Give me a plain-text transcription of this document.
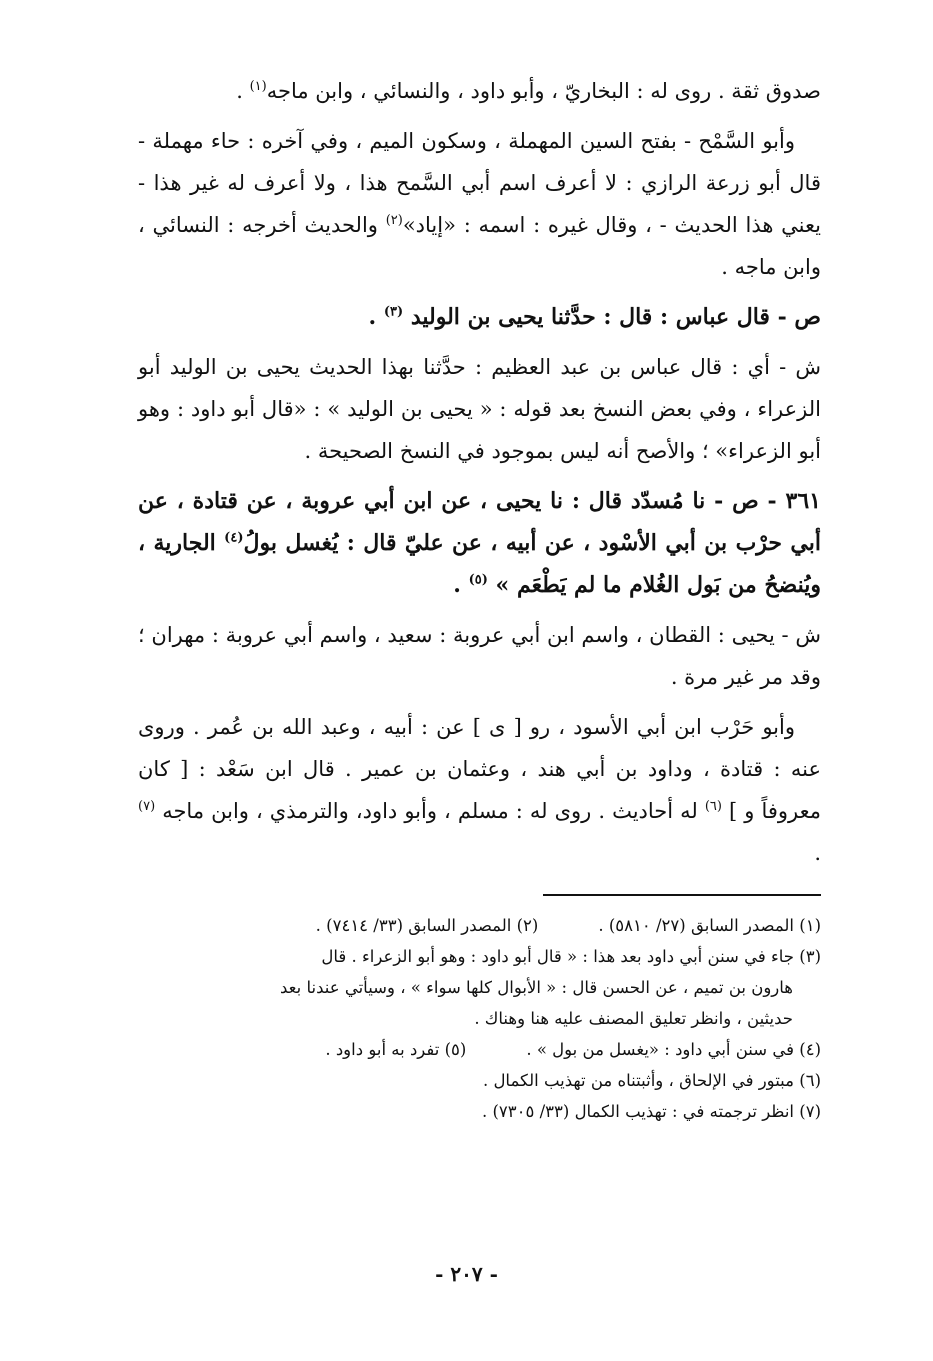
صدوق ثقة . روى له : البخاريّ ، وأبو داود ، والنسائي ، وابن ماجه$^{(١)}$ .

وأبو السَّمْح - بفتح السين المهملة ، وسكون الميم ، وفي آخره : حاء مهملة - قال أبو زرعة الرازي : لا أعرف اسم أبي السَّمح هذا ، ولا أعرف له غير هذا - يعني هذا الحديث - ، وقال غيره : اسمه : «إياد»$^{(٢)}$ والحديث أخرجه : النسائي ، وابن ماجه .

ص - قال عباس : قال : حدَّثنا يحيى بن الوليد $^{(٣)}$ .

ش - أي : قال عباس بن عبد العظيم : حدَّثنا بهذا الحديث يحيى بن الوليد أبو الزعراء ، وفي بعض النسخ بعد قوله : « يحيى بن الوليد » : «قال أبو داود : وهو أبو الزعراء» ؛ والأصح أنه ليس بموجود في النسخ الصحيحة .

٣٦١ - ص - نا مُسدّد قال : نا يحيى ، عن ابن أبي عروبة ، عن قتادة ، عن أبي حرْب بن أبي الأسْود ، عن أبيه ، عن عليّ قال : يُغسل بولُ$^{(٤)}$ الجارية ، ويُنضحُ من بَول الغُلام ما لم يَطْعَم » $^{(٥)}$ .

ش - يحيى : القطان ، واسم ابن أبي عروبة : سعيد ، واسم أبي عروبة : مهران ؛ وقد مر غير مرة .

وأبو حَرْب ابن أبي الأسود ، رو [ ى ] عن : أبيه ، وعبد الله بن عُمر . وروى عنه : قتادة ، وداود بن أبي هند ، وعثمان بن عمير . قال ابن سَعْد : [ كان معروفاً و ] $^{(٦)}$ له أحاديث . روى له : مسلم ، وأبو داود، والترمذي ، وابن ماجه $^{(٧)}$ .

(١) المصدر السابق (٢٧/ ٥٨١٠) .

(٢) المصدر السابق (٣٣/ ٧٤١٤) .

(٣) جاء في سنن أبي داود بعد هذا : « قال أبو داود : وهو أبو الزعراء . قال

هارون بن تميم ، عن الحسن قال : « الأبوال كلها سواء » ، وسيأتي عندنا بعد

حديثين ، وانظر تعليق المصنف عليه هنا وهناك .

(٤) في سنن أبي داود : «يغسل من بول » .

(٥) تفرد به أبو داود .

(٦) مبتور في الإلحاق ، وأثبتناه من تهذيب الكمال .

(٧) انظر ترجمته في : تهذيب الكمال (٣٣/ ٧٣٠٥) .

- ٢٠٧ -
